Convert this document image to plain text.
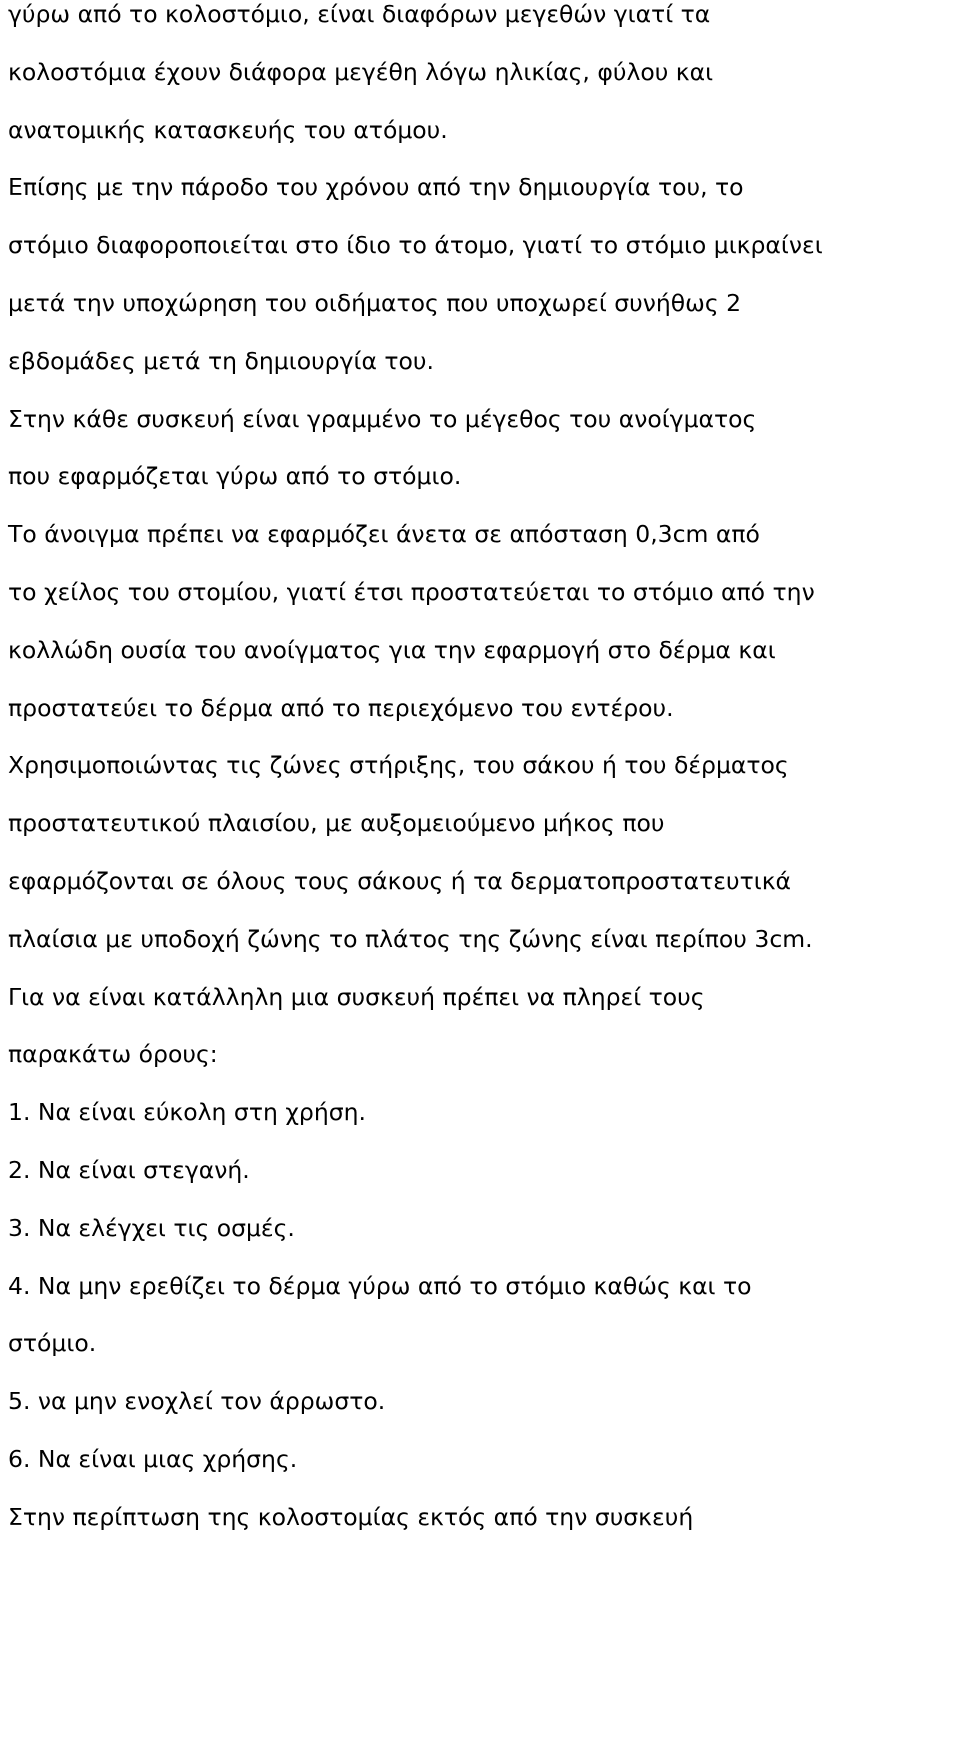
γύρω από το κολοστόμιο, είναι διαφόρων μεγεθών γιατί τα
κολοστόμια έχουν διάφορα μεγέθη λόγω ηλικίας, φύλου και
ανατομικής κατασκευής του ατόμου.
Επίσης με την πάροδο του χρόνου από την δημιουργία του, το
στόμιο διαφοροποιείται στο ίδιο το άτομο, γιατί το στόμιο μικραίνει
μετά την υποχώρηση του οιδήματος που υποχωρεί συνήθως 2
εβδομάδες μετά τη δημιουργία του.
Στην κάθε συσκευή είναι γραμμένο το μέγεθος του ανοίγματος
που εφαρμόζεται γύρω από το στόμιο.
Το άνοιγμα πρέπει να εφαρμόζει άνετα σε απόσταση 0,3cm από
το χείλος του στομίου, γιατί έτσι προστατεύεται το στόμιο από την
κολλώδη ουσία του ανοίγματος για την εφαρμογή στο δέρμα και
προστατεύει το δέρμα από το περιεχόμενο του εντέρου.
Χρησιμοποιώντας τις ζώνες στήριξης, του σάκου ή του δέρματος
προστατευτικού πλαισίου, με αυξομειούμενο μήκος που
εφαρμόζονται σε όλους τους σάκους ή τα δερματοπροστατευτικά
πλαίσια με υποδοχή ζώνης το πλάτος της ζώνης είναι περίπου 3cm.
Για να είναι κατάλληλη μια συσκευή πρέπει να πληρεί τους
παρακάτω όρους:
1. Να είναι εύκολη στη χρήση.
2. Να είναι στεγανή.
3. Να ελέγχει τις οσμές.
4. Να μην ερεθίζει το δέρμα γύρω από το στόμιο καθώς και το
στόμιο.
5. να μην ενοχλεί τον άρρωστο.
6. Να είναι μιας χρήσης.
Στην περίπτωση της κολοστομίας εκτός από την συσκευή
